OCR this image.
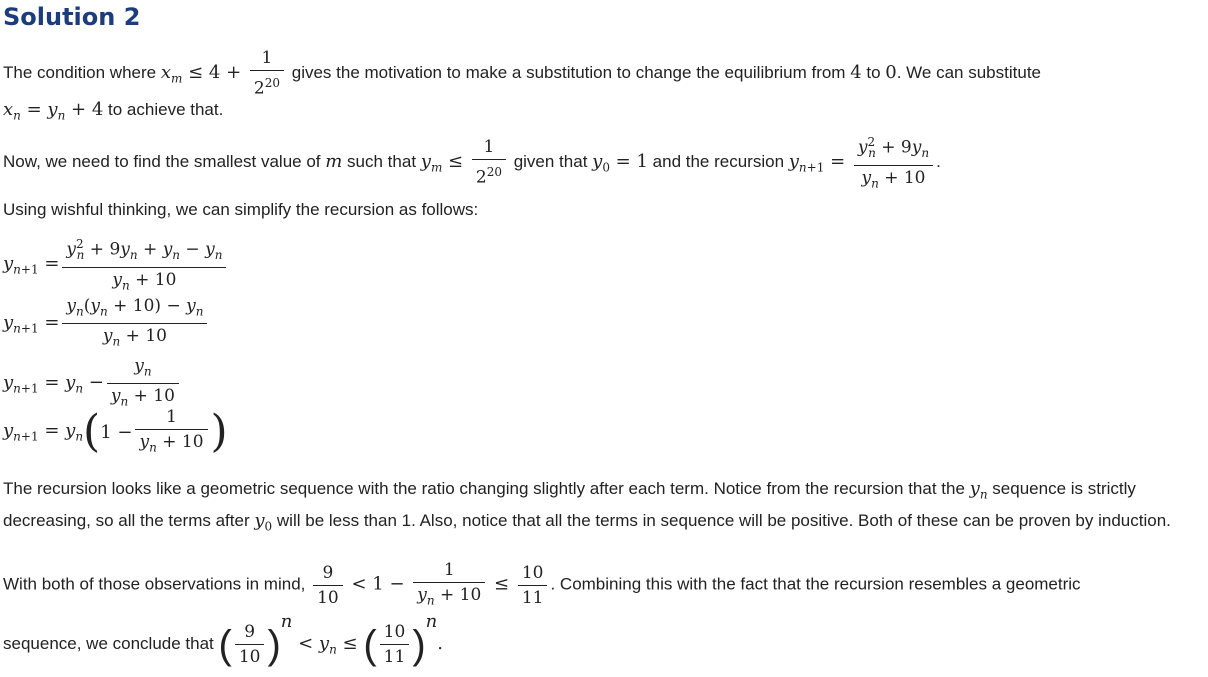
Solution 2
The condition where $x_m \le 4 + \frac{1}{2^{20}}$ gives the motivation to make a substitution to change the equilibrium from 4 to 0. We can substitute
$x_n = y_n + 4$ to achieve that.
Now, we need to find the smallest value of m such that $y_m \le \frac{1}{2^{20}}$ given that $y_0 = 1$ and the recursion $y_{n+1} = \frac{y^2_n + 9y_n}{y_n + 10}$ .
Using wishful thinking, we can simplify the recursion as follows:
$y_{n+1} = \frac{y^2_n + 9y_n + y_n - y_n}{y_n + 10}$
$y_{n+1} = \frac{y_n(y_n + 10) - y_n}{y_n + 10}$
$y_{n+1} = y_n - \frac{y_n}{y_n + 10}$
$y_{n+1} = y_n(1 - \frac{1}{y_n + 10}$ )
The recursion looks like a geometric sequence with the ratio changing slightly after each term. Notice from the recursion that the $y_n$ sequence is strictly decreasing, so all the terms after $y_0$ will be less than 1. Also, notice that all the terms in sequence will be positive. Both of these can be proven by induction.
With both of those observations in mind, $\frac{9}{10} < 1 - \frac{1}{y_n + 10} \le \frac{10}{11}$ . Combining this with the fact that the recursion resembles a geometric
sequence, we conclude that ( $\frac{9}{10} )^n < y_n$ ≤ ( $\frac{10}{11} )^n$.
